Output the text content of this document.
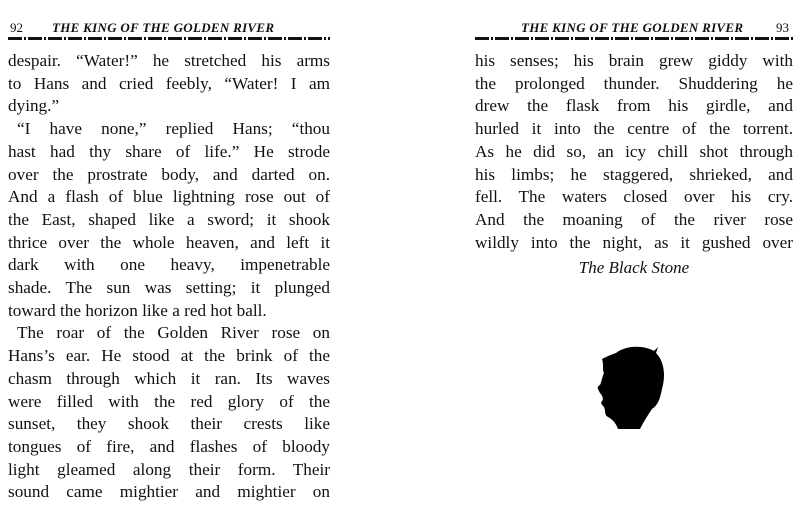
92 THE KING OF THE GOLDEN RIVER
despair. “Water!” he stretched his arms
to Hans and cried feebly, “Water! I am
dying.”
“I have none,” replied Hans; “thou
hast had thy share of life.” He strode
over the prostrate body, and darted on.
And a flash of blue lightning rose out of
the East, shaped like a sword; it shook
thrice over the whole heaven, and left it
dark with one heavy, impenetrable
shade. The sun was setting; it plunged
toward the horizon like a red hot ball.
The roar of the Golden River rose on
Hans’s ear. He stood at the brink of the
chasm through which it ran. Its waves
were filled with the red glory of the
sunset, they shook their crests like
tongues of fire, and flashes of bloody
light gleamed along their form. Their
sound came mightier and mightier on
THE KING OF THE GOLDEN RIVER	93
his senses; his brain grew giddy with
the prolonged thunder. Shuddering he
drew the flask from his girdle, and
hurled it into the centre of the torrent.
As he did so, an icy chill shot through
his limbs; he staggered, shrieked, and
fell. The waters closed over his cry.
And the moaning of the river rose
wildly into the night, as it gushed over
The Black Stone
